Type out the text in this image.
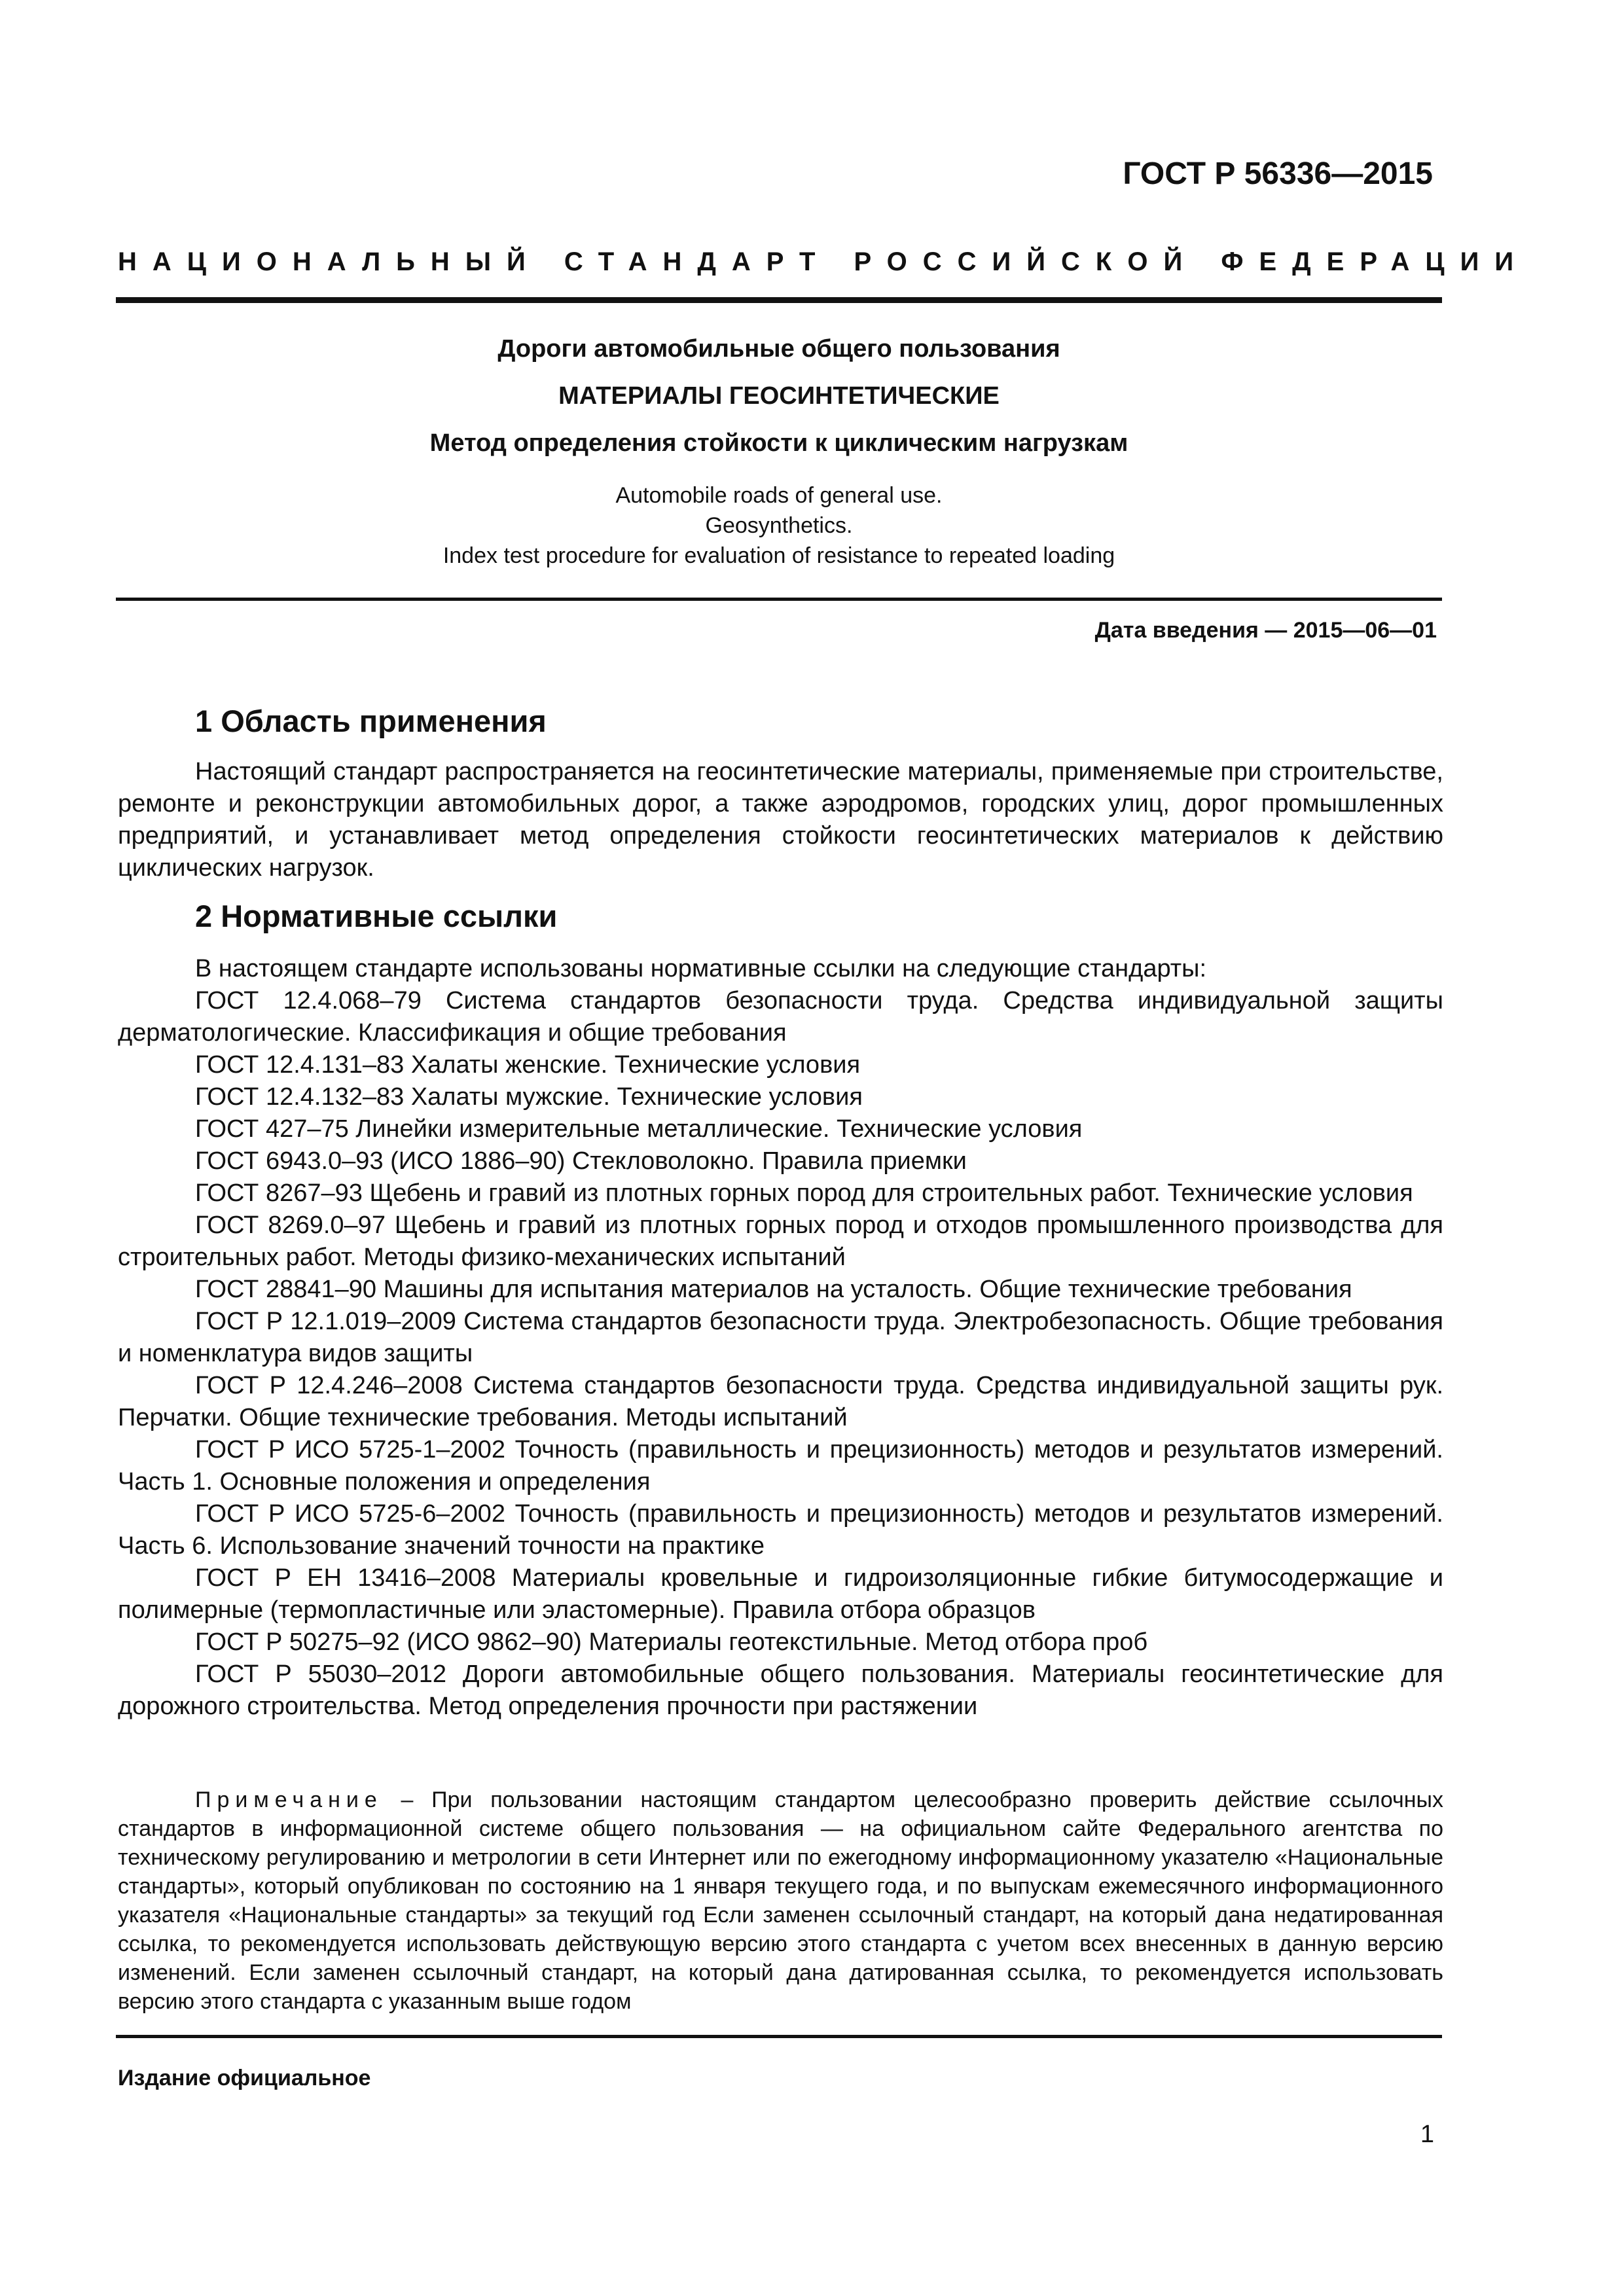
ГОСТ Р 56336—2015
НАЦИОНАЛЬНЫЙ СТАНДАРТ РОССИЙСКОЙ ФЕДЕРАЦИИ
Дороги автомобильные общего пользования
МАТЕРИАЛЫ ГЕОСИНТЕТИЧЕСКИЕ
Метод определения стойкости к циклическим нагрузкам
Automobile roads of general use.
Geosynthetics.
Index test procedure for evaluation of resistance to repeated loading
Дата введения — 2015—06—01
1 Область применения

Настоящий стандарт распространяется на геосинтетические материалы, применяемые при строительстве, ремонте и реконструкции автомобильных дорог, а также аэродромов, городских улиц, дорог промышленных предприятий, и устанавливает метод определения стойкости геосинтетических материалов к действию циклических нагрузок.

2 Нормативные ссылки

В настоящем стандарте использованы нормативные ссылки на следующие стандарты:

ГОСТ 12.4.068–79 Система стандартов безопасности труда. Средства индивидуальной защиты дерматологические. Классификация и общие требования

ГОСТ 12.4.131–83 Халаты женские. Технические условия

ГОСТ 12.4.132–83 Халаты мужские. Технические условия

ГОСТ 427–75 Линейки измерительные металлические. Технические условия

ГОСТ 6943.0–93 (ИСО 1886–90) Стекловолокно. Правила приемки

ГОСТ 8267–93 Щебень и гравий из плотных горных пород для строительных работ. Технические условия

ГОСТ 8269.0–97 Щебень и гравий из плотных горных пород и отходов промышленного производства для строительных работ. Методы физико-механических испытаний

ГОСТ 28841–90 Машины для испытания материалов на усталость. Общие технические требования

ГОСТ Р 12.1.019–2009 Система стандартов безопасности труда. Электробезопасность. Общие требования и номенклатура видов защиты

ГОСТ Р 12.4.246–2008 Система стандартов безопасности труда. Средства индивидуальной защиты рук. Перчатки. Общие технические требования. Методы испытаний

ГОСТ Р ИСО 5725-1–2002 Точность (правильность и прецизионность) методов и результатов измерений. Часть 1. Основные положения и определения

ГОСТ Р ИСО 5725-6–2002 Точность (правильность и прецизионность) методов и результатов измерений. Часть 6. Использование значений точности на практике

ГОСТ Р ЕН 13416–2008 Материалы кровельные и гидроизоляционные гибкие битумосодержащие и полимерные (термопластичные или эластомерные). Правила отбора образцов

ГОСТ Р 50275–92 (ИСО 9862–90) Материалы геотекстильные. Метод отбора проб

ГОСТ Р 55030–2012 Дороги автомобильные общего пользования. Материалы геосинтетические для дорожного строительства. Метод определения прочности при растяжении

Примечание – При пользовании настоящим стандартом целесообразно проверить действие ссылочных стандартов в информационной системе общего пользования — на официальном сайте Федерального агентства по техническому регулированию и метрологии в сети Интернет или по ежегодному информационному указателю «Национальные стандарты», который опубликован по состоянию на 1 января текущего года, и по выпускам ежемесячного информационного указателя «Национальные стандарты» за текущий год Если заменен ссылочный стандарт, на который дана недатированная ссылка, то рекомендуется использовать действующую версию этого стандарта с учетом всех внесенных в данную версию изменений. Если заменен ссылочный стандарт, на который дана датированная ссылка, то рекомендуется использовать версию этого стандарта с указанным выше годом
Издание официальное
1
